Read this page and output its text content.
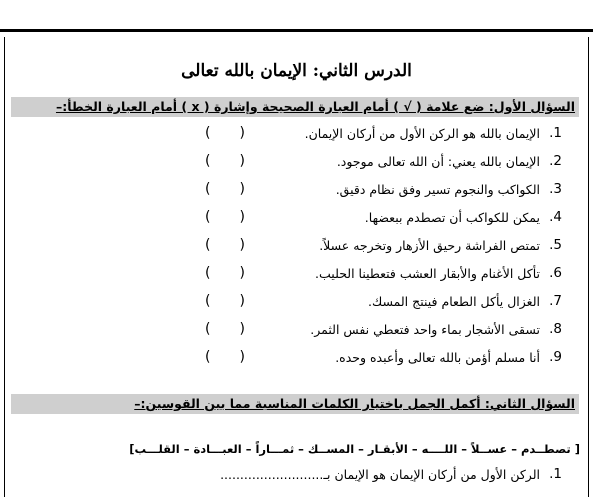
الدرس الثاني: الإيمان بالله تعالى
السؤال الأول: ضع علامة ( √ ) أمام العبارة الصحيحة وإشارة ( x ) أمام العبارة الخطأ:–
1.
الإيمان بالله هو الركن الأول من أركان الإيمان.
( )
2.
الإيمان بالله يعني: أن الله تعالى موجود.
( )
3.
الكواكب والنجوم تسير وفق نظام دقيق.
( )
4.
يمكن للكواكب أن تصطدم ببعضها.
( )
5.
تمتص الفراشة رحيق الأزهار وتخرجه عسلاً.
( )
6.
تأكل الأغنام والأبقار العشب فتعطينا الحليب.
( )
7.
الغزال يأكل الطعام فينتج المسك.
( )
8.
تسقى الأشجار بماء واحد فتعطي نفس الثمر.
( )
9.
أنا مسلم أؤمن بالله تعالى وأعبده وحده.
( )
السؤال الثاني: أكمل الجمل باختيار الكلمات المناسبة مما بين القوسين:–
[ تصطــدم – عســلاً – اللــــه – الأبقـار – المســك – ثمـــاراً – العبـــادة – القلـــب]
1.
الركن الأول من أركان الإيمان هو الإيمان بـ..........................
